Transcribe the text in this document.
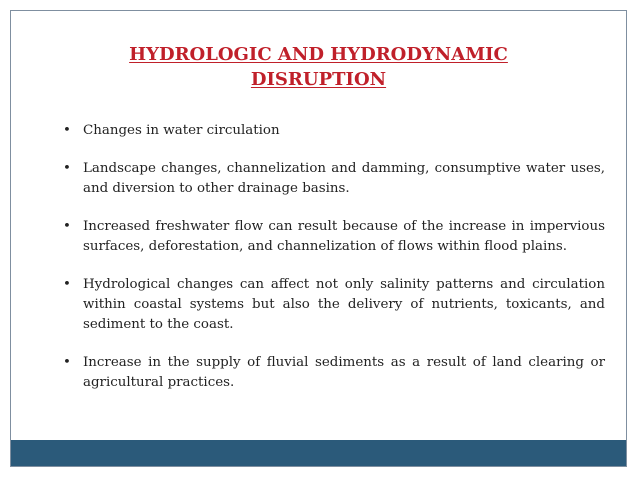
HYDROLOGIC AND HYDRODYNAMIC
DISRUPTION
• Changes in water circulation
• Landscape changes, channelization and damming, consumptive water uses, and diversion to other drainage basins.
• Increased freshwater flow can result because of the increase in impervious surfaces, deforestation, and channelization of flows within flood plains.
• Hydrological changes can affect not only salinity patterns and circulation within coastal systems but also the delivery of nutrients, toxicants, and sediment to the coast.
• Increase in the supply of fluvial sediments as a result of land clearing or agricultural practices.
